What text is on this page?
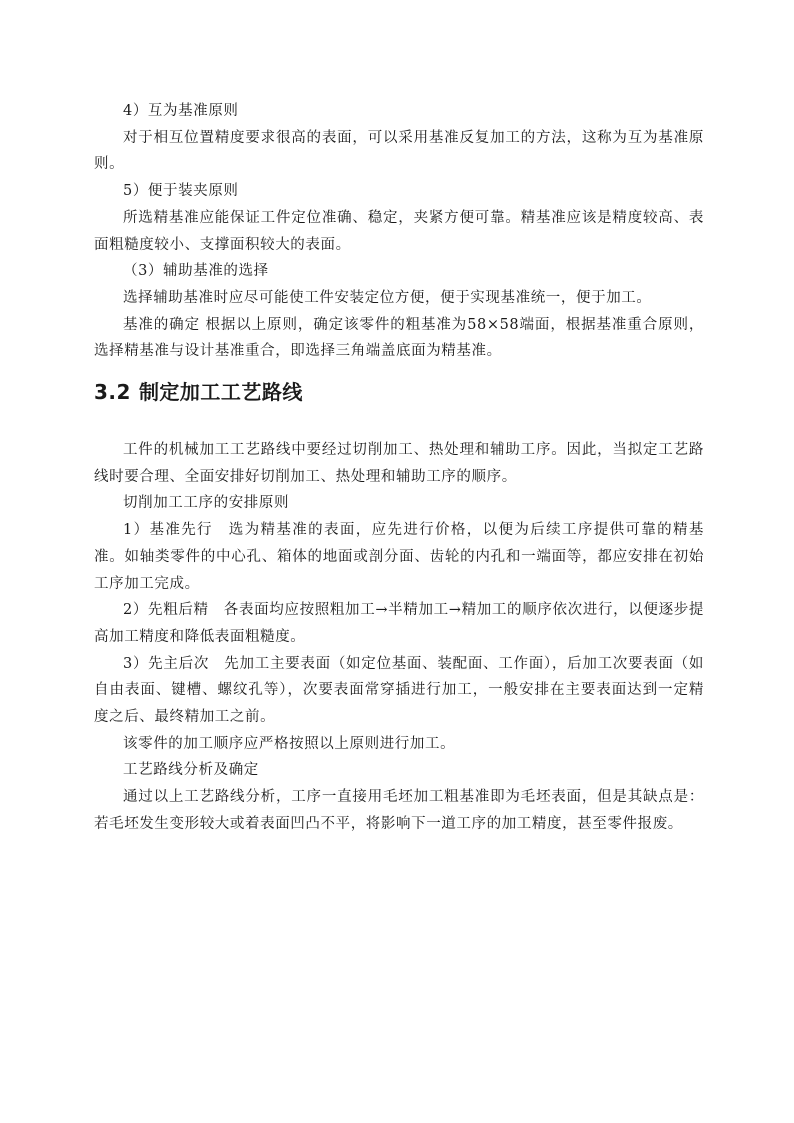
4）互为基准原则

对于相互位置精度要求很高的表面，可以采用基准反复加工的方法，这称为互为基准原则。

5）便于装夹原则

所选精基准应能保证工件定位准确、稳定，夹紧方便可靠。精基准应该是精度较高、表面粗糙度较小、支撑面积较大的表面。

（3）辅助基准的选择

选择辅助基准时应尽可能使工件安装定位方便，便于实现基准统一，便于加工。

基准的确定 根据以上原则，确定该零件的粗基准为58×58端面，根据基准重合原则，选择精基准与设计基准重合，即选择三角端盖底面为精基准。

3.2 制定加工工艺路线

工件的机械加工工艺路线中要经过切削加工、热处理和辅助工序。因此，当拟定工艺路线时要合理、全面安排好切削加工、热处理和辅助工序的顺序。

切削加工工序的安排原则

1）基准先行　选为精基准的表面，应先进行价格，以便为后续工序提供可靠的精基准。如轴类零件的中心孔、箱体的地面或剖分面、齿轮的内孔和一端面等，都应安排在初始工序加工完成。

2）先粗后精　各表面均应按照粗加工→半精加工→精加工的顺序依次进行，以便逐步提高加工精度和降低表面粗糙度。

3）先主后次　先加工主要表面（如定位基面、装配面、工作面），后加工次要表面（如自由表面、键槽、螺纹孔等），次要表面常穿插进行加工，一般安排在主要表面达到一定精度之后、最终精加工之前。

该零件的加工顺序应严格按照以上原则进行加工。

工艺路线分析及确定

通过以上工艺路线分析，工序一直接用毛坯加工粗基准即为毛坯表面，但是其缺点是：若毛坯发生变形较大或着表面凹凸不平，将影响下一道工序的加工精度，甚至零件报废。
